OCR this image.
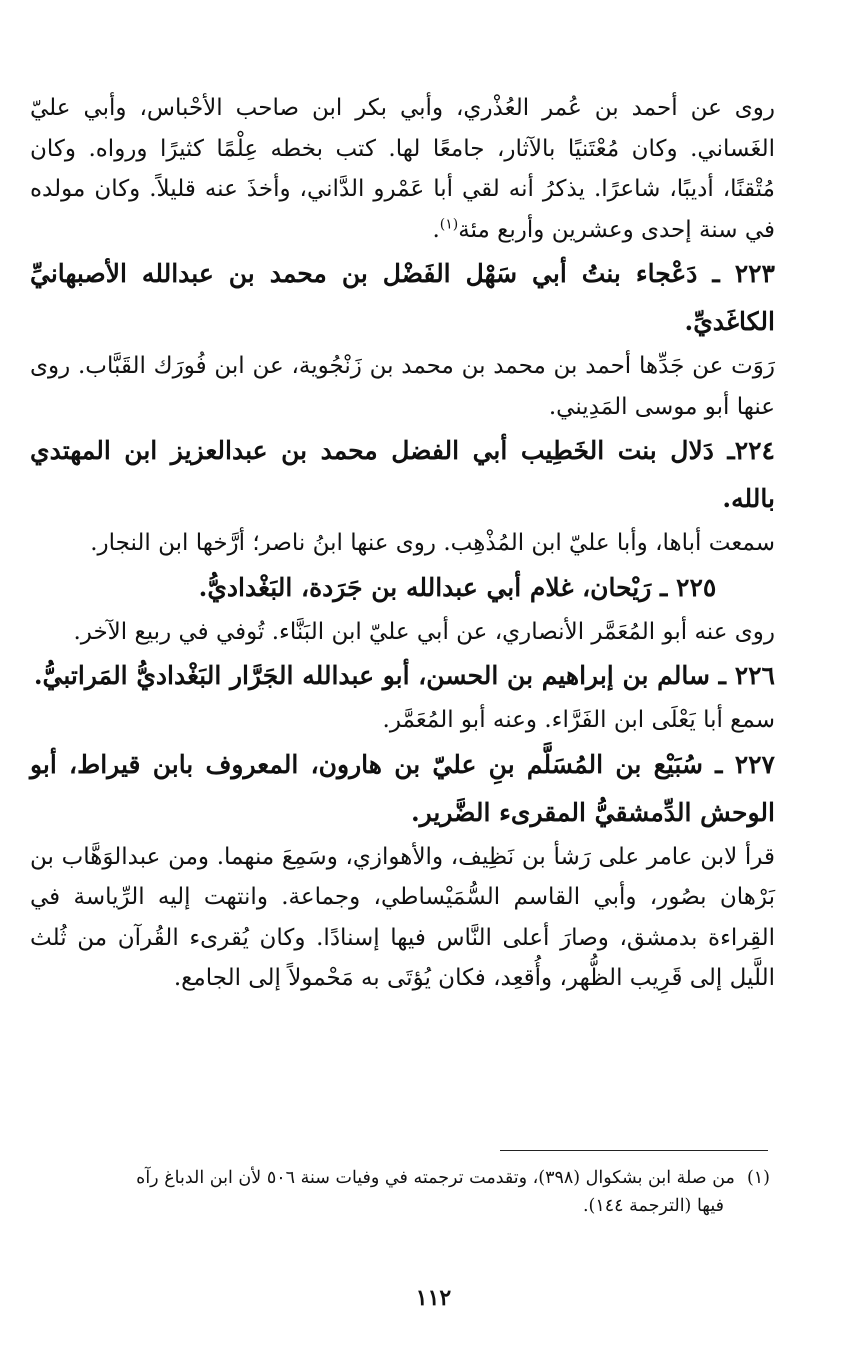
روى عن أحمد بن عُمر العُذْري، وأبي بكر ابن صاحب الأحْباس، وأبي عليّ الغَساني. وكان مُعْتَنيًا بالآثار، جامعًا لها. كتب بخطه عِلْمًا كثيرًا ورواه. وكان مُتْقنًا، أديبًا، شاعرًا. يذكرُ أنه لقي أبا عَمْرو الدَّاني، وأخذَ عنه قليلاً. وكان مولده في سنة إحدى وعشرين وأربع مئة$^{(١)}$.

٢٢٣ ـ دَعْجاء بنتُ أبي سَهْل الفَضْل بن محمد بن عبدالله الأصبهانيِّ الكاغَديِّ.

رَوَت عن جَدِّها أحمد بن محمد بن محمد بن زَنْجُوية، عن ابن فُورَك القَبَّاب. روى عنها أبو موسى المَدِيني.

٢٢٤ـ دَلال بنت الخَطِيب أبي الفضل محمد بن عبدالعزيز ابن المهتدي بالله.

سمعت أباها، وأبا عليّ ابن المُذْهِب. روى عنها ابنُ ناصر؛ أرَّخها ابن النجار.

٢٢٥ ـ رَيْحان، غلام أبي عبدالله بن جَرَدة، البَغْداديُّ.

روى عنه أبو المُعَمَّر الأنصاري، عن أبي عليّ ابن البَنَّاء. تُوفي في ربيع الآخر.

٢٢٦ ـ سالم بن إبراهيم بن الحسن، أبو عبدالله الجَرَّار البَغْداديُّ المَراتبيُّ.

سمع أبا يَعْلَى ابن الفَرَّاء. وعنه أبو المُعَمَّر.

٢٢٧ ـ سُبَيْع بن المُسَلَّم بنِ عليّ بن هارون، المعروف بابن قيراط، أبو الوحش الدِّمشقيُّ المقرىء الضَّرير.

قرأ لابن عامر على رَشأ بن نَظِيف، والأهوازي، وسَمِعَ منهما. ومن عبدالوَهَّاب بن بَرْهان بصُور، وأبي القاسم السُّمَيْساطي، وجماعة. وانتهت إليه الرِّياسة في القِراءة بدمشق، وصارَ أعلى النَّاس فيها إسنادًا. وكان يُقرىء القُرآن من ثُلث اللَّيل إلى قَرِيب الظُّهر، وأُقعِد، فكان يُؤتَى به مَحْمولاً إلى الجامع.

(١)من صلة ابن بشكوال (٣٩٨)، وتقدمت ترجمته في وفيات سنة ٥٠٦ لأن ابن الدباغ رآه
فيها (الترجمة ١٤٤).
١١٢
